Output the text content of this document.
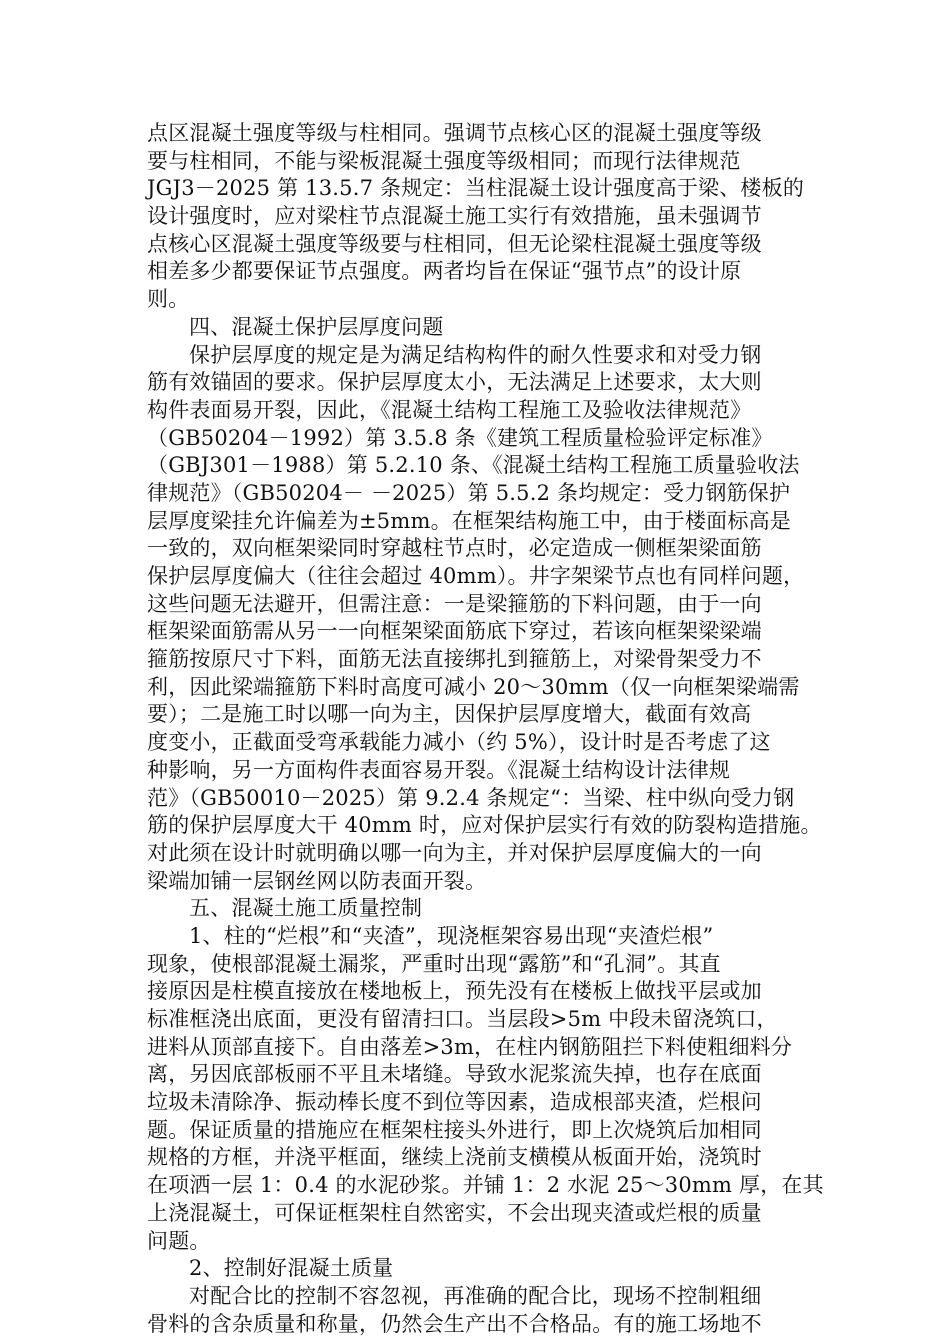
点区混凝土强度等级与柱相同。强调节点核心区的混凝土强度等级
要与柱相同，不能与梁板混凝土强度等级相同；而现行法律规范
JGJ3－2025 第 13.5.7 条规定：当柱混凝土设计强度高于梁、楼板的
设计强度时，应对梁柱节点混凝土施工实行有效措施，虽未强调节
点核心区混凝土强度等级要与柱相同，但无论梁柱混凝土强度等级
相差多少都要保证节点强度。两者均旨在保证“强节点”的设计原
则。
四、混凝土保护层厚度问题
保护层厚度的规定是为满足结构构件的耐久性要求和对受力钢
筋有效锚固的要求。保护层厚度太小，无法满足上述要求，太大则
构件表面易开裂，因此，《混凝土结构工程施工及验收法律规范》
（GB50204－1992）第 3.5.8 条《建筑工程质量检验评定标准》
（GBJ301－1988）第 5.2.10 条、《混凝土结构工程施工质量验收法
律规范》（GB50204－ －2025）第 5.5.2 条均规定：受力钢筋保护
层厚度梁挂允许偏差为±5mm。在框架结构施工中，由于楼面标高是
一致的，双向框架梁同时穿越柱节点时，必定造成一侧框架梁面筋
保护层厚度偏大（往往会超过 40mm）。井字架梁节点也有同样问题，
这些问题无法避开，但需注意：一是梁箍筋的下料问题，由于一向
框架梁面筋需从另一一向框架梁面筋底下穿过，若该向框架梁梁端
箍筋按原尺寸下料，面筋无法直接绑扎到箍筋上，对梁骨架受力不
利，因此梁端箍筋下料时高度可减小 20～30mm（仅一向框架梁端需
要）；二是施工时以哪一向为主，因保护层厚度增大，截面有效高
度变小，正截面受弯承载能力减小（约 5%），设计时是否考虑了这
种影响，另一方面构件表面容易开裂。《混凝土结构设计法律规
范》（GB50010－2025）第 9.2.4 条规定“：当梁、柱中纵向受力钢
筋的保护层厚度大干 40mm 时，应对保护层实行有效的防裂构造措施。
对此须在设计时就明确以哪一向为主，并对保护层厚度偏大的一向
梁端加铺一层钢丝网以防表面开裂。
五、混凝土施工质量控制
1、柱的“烂根”和“夹渣”，现浇框架容易出现“夹渣烂根”
现象，使根部混凝土漏浆，严重时出现“露筋”和“孔洞”。其直
接原因是柱模直接放在楼地板上，预先没有在楼板上做找平层或加
标准框浇出底面，更没有留清扫口。当层段>5m 中段未留浇筑口，
进料从顶部直接下。自由落差>3m，在柱内钢筋阻拦下料使粗细料分
离，另因底部板丽不平且未堵缝。导致水泥浆流失掉，也存在底面
垃圾未清除净、振动棒长度不到位等因素，造成根部夹渣，烂根问
题。保证质量的措施应在框架柱接头外进行，即上次烧筑后加相同
规格的方框，并浇平框面，继续上浇前支横模从板面开始，浇筑时
在项洒一层 1：0.4 的水泥砂浆。并铺 1：2 水泥 25～30mm 厚，在其
上浇混凝土，可保证框架柱自然密实，不会出现夹渣或烂根的质量
问题。
2、控制好混凝土质量
对配合比的控制不容忽视，再准确的配合比，现场不控制粗细
骨料的含杂质量和称量，仍然会生产出不合格品。有的施工场地不
